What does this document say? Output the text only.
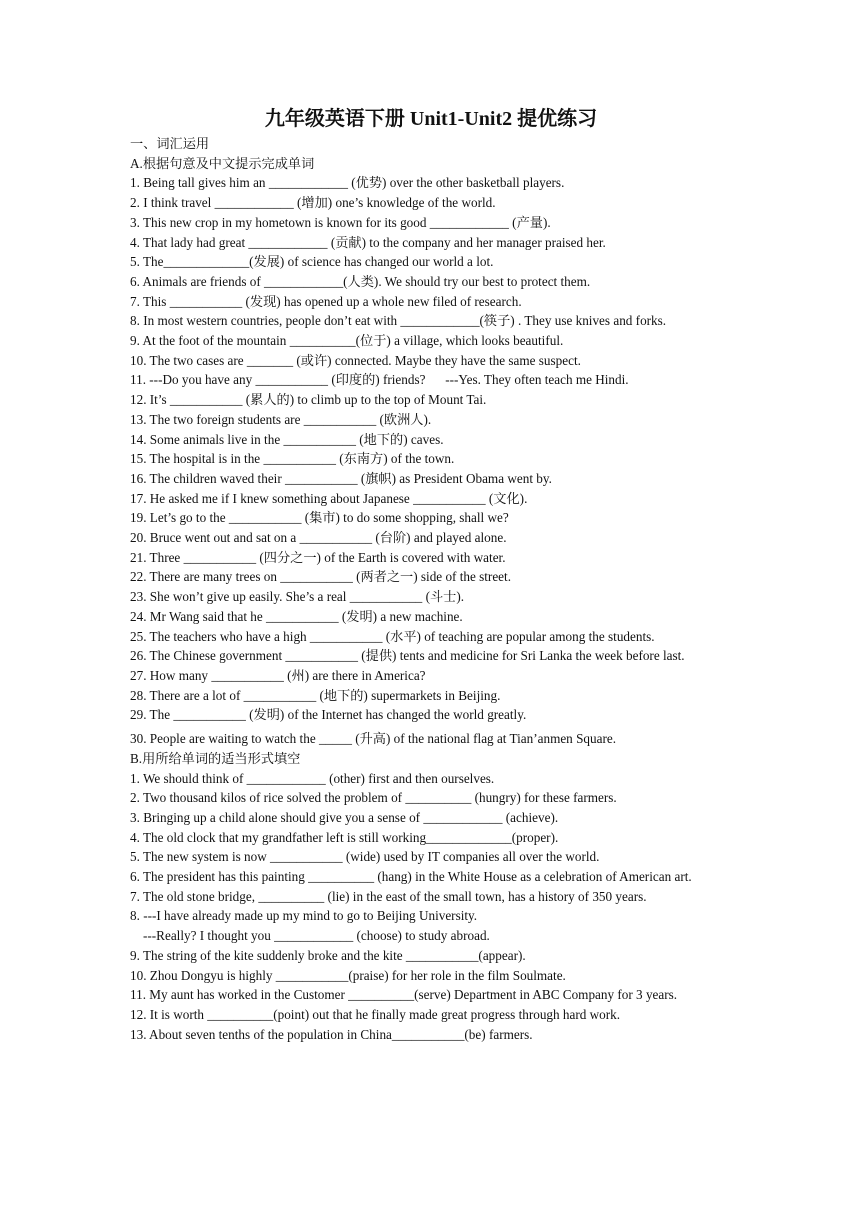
九年级英语下册 Unit1-Unit2 提优练习
一、词汇运用
A.根据句意及中文提示完成单词
1. Being tall gives him an ____________ (优势) over the other basketball players.
2. I think travel ____________ (增加) one’s knowledge of the world.
3. This new crop in my hometown is known for its good ____________ (产量).
4. That lady had great ____________ (贡献) to the company and her manager praised her.
5. The_____________(发展) of science has changed our world a lot.
6. Animals are friends of ____________(人类). We should try our best to protect them.
7. This ___________ (发现) has opened up a whole new filed of research.
8. In most western countries, people don’t eat with ____________(筷子) . They use knives and forks.
9. At the foot of the mountain __________(位于) a village, which looks beautiful.
10. The two cases are _______ (或许) connected. Maybe they have the same suspect.
11. ---Do you have any ___________ (印度的) friends?      ---Yes. They often teach me Hindi.
12. It’s ___________ (累人的) to climb up to the top of Mount Tai.
13. The two foreign students are ___________ (欧洲人).
14. Some animals live in the ___________ (地下的) caves.
15. The hospital is in the ___________ (东南方) of the town.
16. The children waved their ___________ (旗帜) as President Obama went by.
17. He asked me if I knew something about Japanese ___________ (文化).
19. Let’s go to the ___________ (集市) to do some shopping, shall we?
20. Bruce went out and sat on a ___________ (台阶) and played alone.
21. Three ___________ (四分之一) of the Earth is covered with water.
22. There are many trees on ___________ (两者之一) side of the street.
23. She won’t give up easily. She’s a real ___________ (斗士).
24. Mr Wang said that he ___________ (发明) a new machine.
25. The teachers who have a high ___________ (水平) of teaching are popular among the students.
26. The Chinese government ___________ (提供) tents and medicine for Sri Lanka the week before last.
27. How many ___________ (州) are there in America?
28. There are a lot of ___________ (地下的) supermarkets in Beijing.
29. The ___________ (发明) of the Internet has changed the world greatly.
30. People are waiting to watch the _____ (升高) of the national flag at Tian’anmen Square.
B.用所给单词的适当形式填空
1. We should think of ____________ (other) first and then ourselves.
2. Two thousand kilos of rice solved the problem of __________ (hungry) for these farmers.
3. Bringing up a child alone should give you a sense of ____________ (achieve).
4. The old clock that my grandfather left is still working_____________(proper).
5. The new system is now ___________ (wide) used by IT companies all over the world.
6. The president has this painting __________ (hang) in the White House as a celebration of American art.
7. The old stone bridge, __________ (lie) in the east of the small town, has a history of 350 years.
8. ---I have already made up my mind to go to Beijing University.
---Really? I thought you ____________ (choose) to study abroad.
9. The string of the kite suddenly broke and the kite ___________(appear).
10. Zhou Dongyu is highly ___________(praise) for her role in the film Soulmate.
11. My aunt has worked in the Customer __________(serve) Department in ABC Company for 3 years.
12. It is worth __________(point) out that he finally made great progress through hard work.
13. About seven tenths of the population in China___________(be) farmers.
